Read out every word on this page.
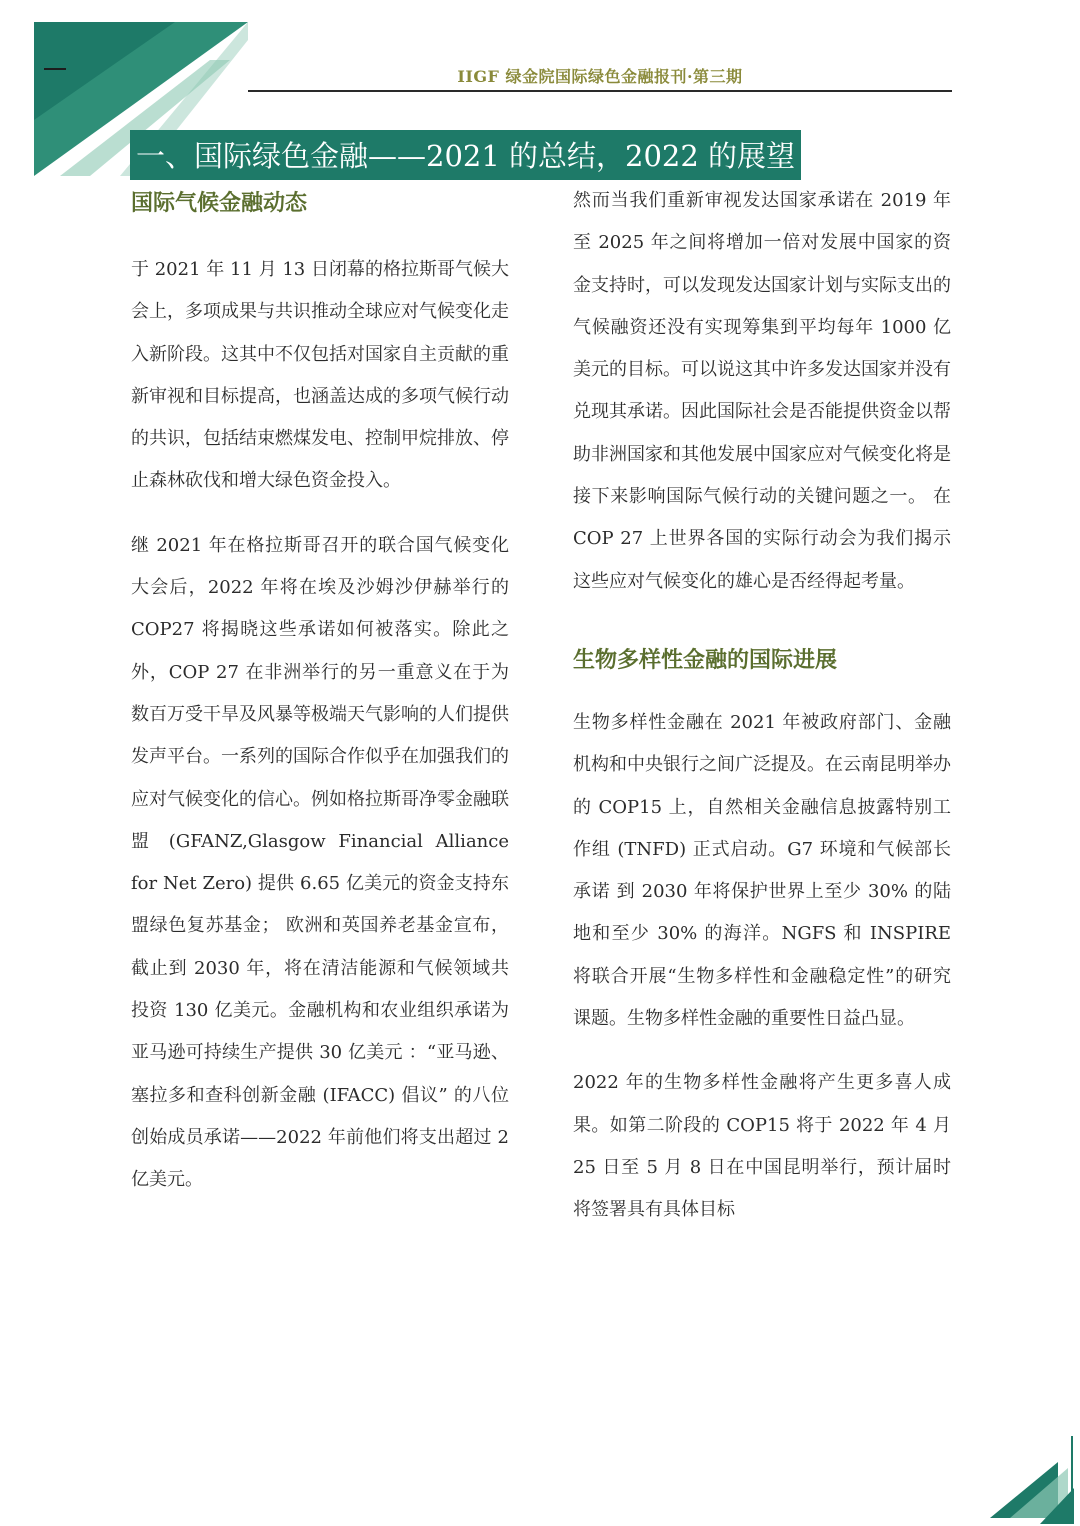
IIGF 绿金院国际绿色金融报刊·第三期
一、国际绿色金融——2021 的总结，2022 的展望
国际气候金融动态

于 2021 年 11 月 13 日闭幕的格拉斯哥气候大会上，多项成果与共识推动全球应对气候变化走入新阶段。这其中不仅包括对国家自主贡献的重新审视和目标提高，也涵盖达成的多项气候行动的共识，包括结束燃煤发电、控制甲烷排放、停止森林砍伐和增大绿色资金投入。

继 2021 年在格拉斯哥召开的联合国气候变化大会后，2022 年将在埃及沙姆沙伊赫举行的 COP27 将揭晓这些承诺如何被落实。除此之外，COP 27 在非洲举行的另一重意义在于为数百万受干旱及风暴等极端天气影响的人们提供发声平台。一系列的国际合作似乎在加强我们的应对气候变化的信心。例如格拉斯哥净零金融联盟 (GFANZ,Glasgow Financial Alliance for Net Zero) 提供 6.65 亿美元的资金支持东盟绿色复苏基金； 欧洲和英国养老基金宣布，截止到 2030 年，将在清洁能源和气候领域共投资 130 亿美元。金融机构和农业组织承诺为亚马逊可持续生产提供 30 亿美元 ：“亚马逊、塞拉多和查科创新金融 (IFACC) 倡议” 的八位创始成员承诺——2022 年前他们将支出超过 2 亿美元。

然而当我们重新审视发达国家承诺在 2019 年至 2025 年之间将增加一倍对发展中国家的资金支持时，可以发现发达国家计划与实际支出的气候融资还没有实现筹集到平均每年 1000 亿美元的目标。可以说这其中许多发达国家并没有兑现其承诺。因此国际社会是否能提供资金以帮助非洲国家和其他发展中国家应对气候变化将是接下来影响国际气候行动的关键问题之一。 在 COP 27 上世界各国的实际行动会为我们揭示这些应对气候变化的雄心是否经得起考量。

生物多样性金融的国际进展

生物多样性金融在 2021 年被政府部门、金融机构和中央银行之间广泛提及。在云南昆明举办的 COP15 上，自然相关金融信息披露特别工作组 (TNFD) 正式启动。G7 环境和气候部长承诺 到 2030 年将保护世界上至少 30% 的陆地和至少 30% 的海洋。NGFS 和 INSPIRE 将联合开展“生物多样性和金融稳定性”的研究课题。生物多样性金融的重要性日益凸显。

2022 年的生物多样性金融将产生更多喜人成果。如第二阶段的 COP15 将于 2022 年 4 月 25 日至 5 月 8 日在中国昆明举行，预计届时将签署具有具体目标
